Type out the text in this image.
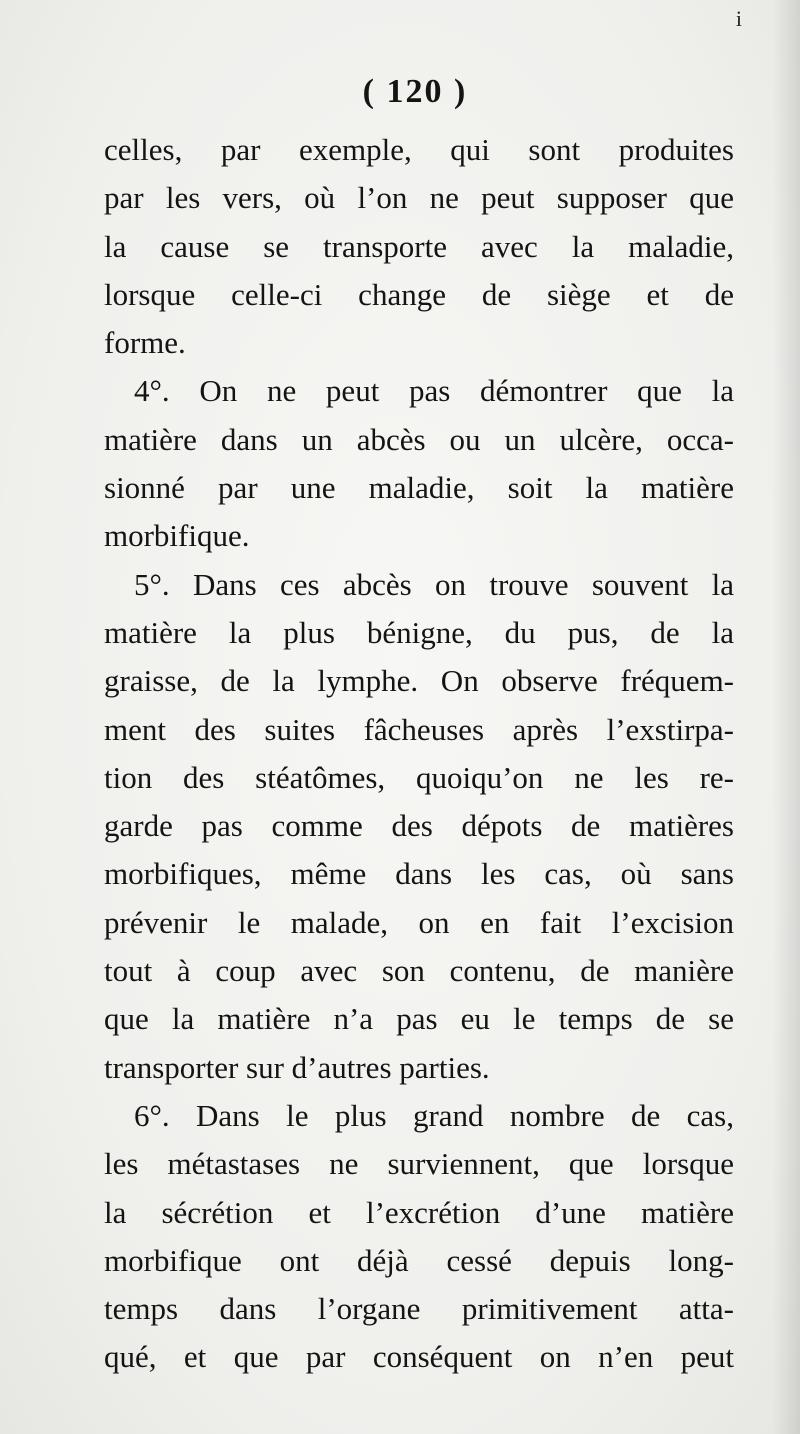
i
( 120 )
celles, par exemple, qui sont produites
par les vers, où l’on ne peut supposer que
la cause se transporte avec la maladie,
lorsque celle-ci change de siège et de
forme.
4°. On ne peut pas démontrer que la
matière dans un abcès ou un ulcère, occa-
sionné par une maladie, soit la matière
morbifique.
5°. Dans ces abcès on trouve souvent la
matière la plus bénigne, du pus, de la
graisse, de la lymphe. On observe fréquem-
ment des suites fâcheuses après l’exstirpa-
tion des stéatômes, quoiqu’on ne les re-
garde pas comme des dépots de matières
morbifiques, même dans les cas, où sans
prévenir le malade, on en fait l’excision
tout à coup avec son contenu, de manière
que la matière n’a pas eu le temps de se
transporter sur d’autres parties.
6°. Dans le plus grand nombre de cas,
les métastases ne surviennent, que lorsque
la sécrétion et l’excrétion d’une matière
morbifique ont déjà cessé depuis long-
temps dans l’organe primitivement atta-
qué, et que par conséquent on n’en peut
